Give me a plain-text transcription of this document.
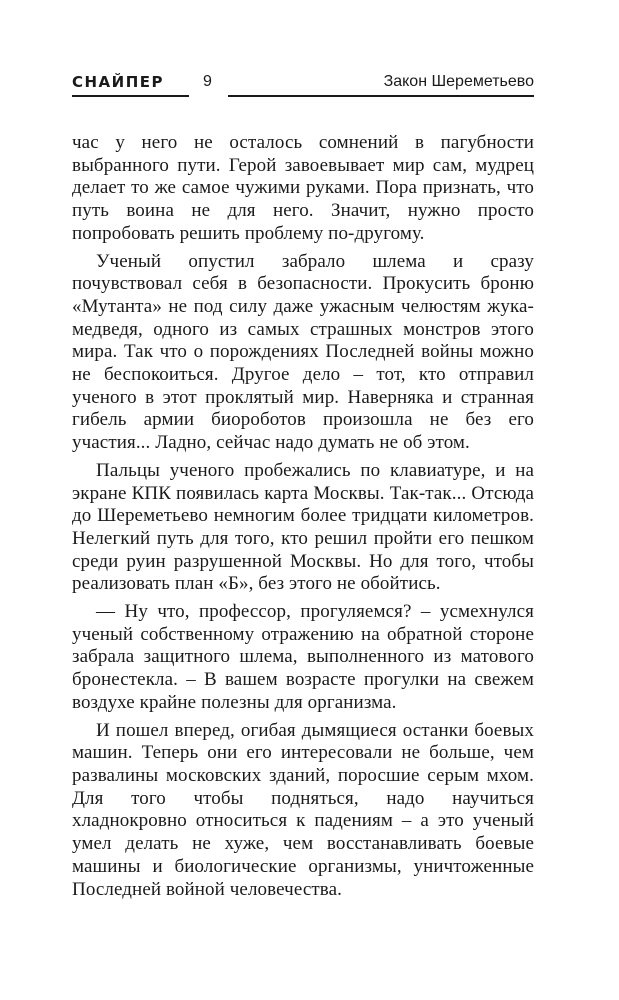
СНАЙПЕР 9	Закон Шереметьево

час у него не осталось сомнений в пагубности выбранного пути. Герой завоевывает мир сам, мудрец делает то же самое чужими руками. Пора признать, что путь воина не для него. Значит, нужно просто попробовать решить проблему по-другому.

Ученый опустил забрало шлема и сразу почувствовал себя в безопасности. Прокусить броню «Мутанта» не под силу даже ужасным челюстям жука-медведя, одного из самых страшных монстров этого мира. Так что о порождениях Последней войны можно не беспокоиться. Другое дело – тот, кто отправил ученого в этот проклятый мир. Наверняка и странная гибель армии биороботов произошла не без его участия... Ладно, сейчас надо думать не об этом.

Пальцы ученого пробежались по клавиатуре, и на экране КПК появилась карта Москвы. Так-так... Отсюда до Шереметьево немногим более тридцати километров. Нелегкий путь для того, кто решил пройти его пешком среди руин разрушенной Москвы. Но для того, чтобы реализовать план «Б», без этого не обойтись.

— Ну что, профессор, прогуляемся? – усмехнулся ученый собственному отражению на обратной стороне забрала защитного шлема, выполненного из матового бронестекла. – В вашем возрасте прогулки на свежем воздухе крайне полезны для организма.

И пошел вперед, огибая дымящиеся останки боевых машин. Теперь они его интересовали не больше, чем развалины московских зданий, поросшие серым мхом. Для того чтобы подняться, надо научиться хладнокровно относиться к падениям – а это ученый умел делать не хуже, чем восстанавливать боевые машины и биологические организмы, уничтоженные Последней войной человечества.
